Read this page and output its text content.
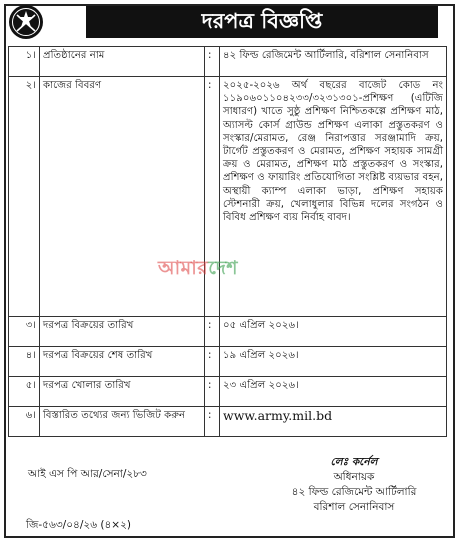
দরপত্র বিজ্ঞপ্তি
১।	প্রতিষ্ঠানের নাম	:	৪২ ফিল্ড রেজিমেন্ট আর্টিলারি, বরিশাল সেনানিবাস
২।	কাজের বিবরণ	:	২০২৫-২০২৬ অর্থ বছরের বাজেট কোড নং ১১৯০৬০১১০৪২৩৩/৩২৩১৩০১-প্রশিক্ষণ (এটিজি সাধারণ) খাতে সুষ্ঠু প্রশিক্ষণ নিশ্চিতকল্পে প্রশিক্ষণ মাঠ, অ্যাসল্ট কোর্স গ্রাউন্ড প্রশিক্ষণ এলাকা প্রস্তুতকরণ ও সংস্কার/মেরামত, রেঞ্জ নিরাপত্তার সরঞ্জামাদি ক্রয়, টার্গেট প্রস্তুতকরণ ও মেরামত, প্রশিক্ষণ সহায়ক সামগ্রী ক্রয় ও মেরামত, প্রশিক্ষণ মাঠ প্রস্তুতকরণ ও সংস্কার, প্রশিক্ষণ ও ফায়ারিং প্রতিযোগিতা সংশ্লিষ্ট ব্যয়ভার বহন, অস্থায়ী ক্যাম্প এলাকা ভাড়া, প্রশিক্ষণ সহায়ক স্টেশনারী ক্রয়, খেলাধুলার বিভিন্ন দলের সংগঠন ও বিবিধ প্রশিক্ষণ ব্যয় নির্বাহ বাবদ।
৩।	দরপত্র বিক্রয়ের তারিখ	:	০৫ এপ্রিল ২০২৬।
৪।	দরপত্র বিক্রয়ের শেষ তারিখ	:	১৯ এপ্রিল ২০২৬।
৫।	দরপত্র খোলার তারিখ	:	২৩ এপ্রিল ২০২৬।
৬।	বিস্তারিত তথ্যের জন্য ভিজিট করুন	:	www.army.mil.bd
আমারদেশ
আই এস পি আর/সেনা/২৮৩
জি-৫৬৩/০৪/২৬ (৪×২)
লেঃ কর্নেল
অধিনায়ক
৪২ ফিল্ড রেজিমেন্ট আর্টিলারি
বরিশাল সেনানিবাস
